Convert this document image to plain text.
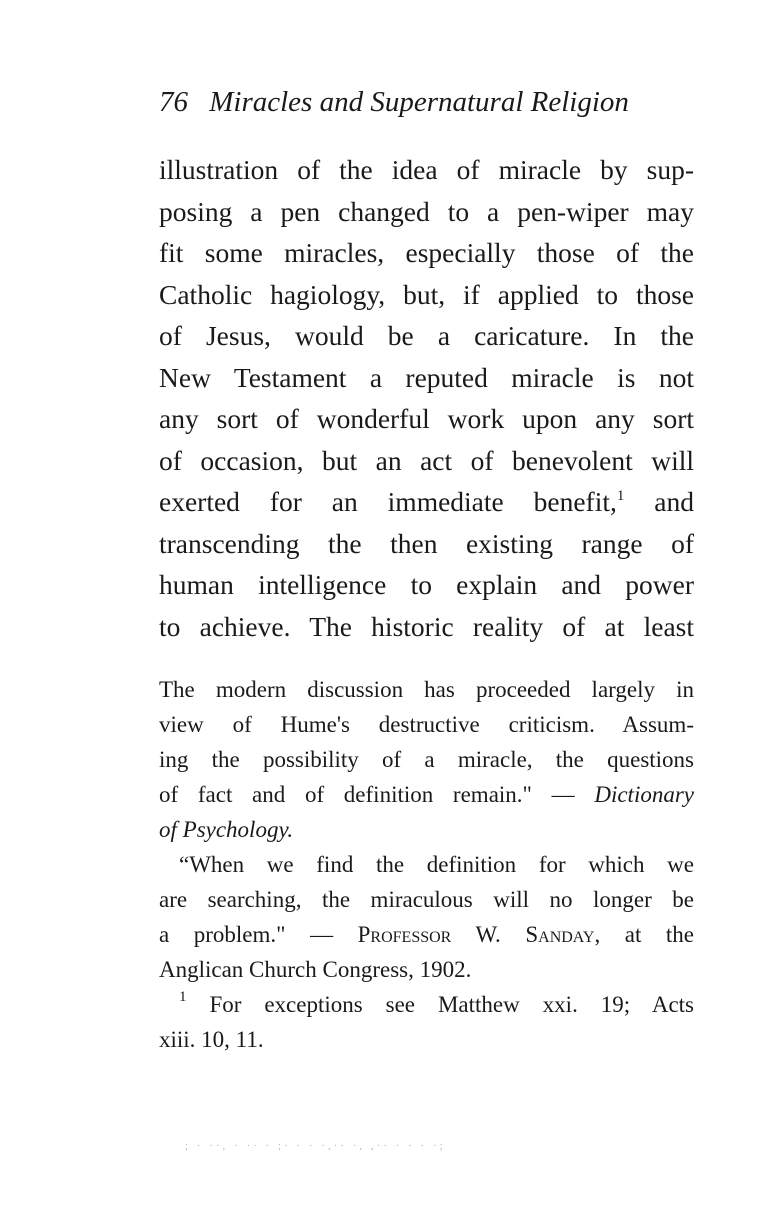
76 Miracles and Supernatural Religion
illustration of the idea of miracle by sup-
posing a pen changed to a pen-wiper may
fit some miracles, especially those of the
Catholic hagiology, but, if applied to those
of Jesus, would be a caricature. In the
New Testament a reputed miracle is not
any sort of wonderful work upon any sort
of occasion, but an act of benevolent will
exerted for an immediate benefit,$^1$ and
transcending the then existing range of
human intelligence to explain and power
to achieve. The historic reality of at least
The modern discussion has proceeded largely in
view of Hume's destructive criticism. Assum-
ing the possibility of a miracle, the questions
of fact and of definition remain." — Dictionary
of Psychology.
“When we find the definition for which we
are searching, the miraculous will no longer be
a problem." — Professor W. Sanday, at the
Anglican Church Congress, 1902.
$^1$ For exceptions see Matthew xxi. 19; Acts
xiii. 10, 11.
; · ··, · ·· · ;· · · ·,·· ·, ,·· · · · ·;
